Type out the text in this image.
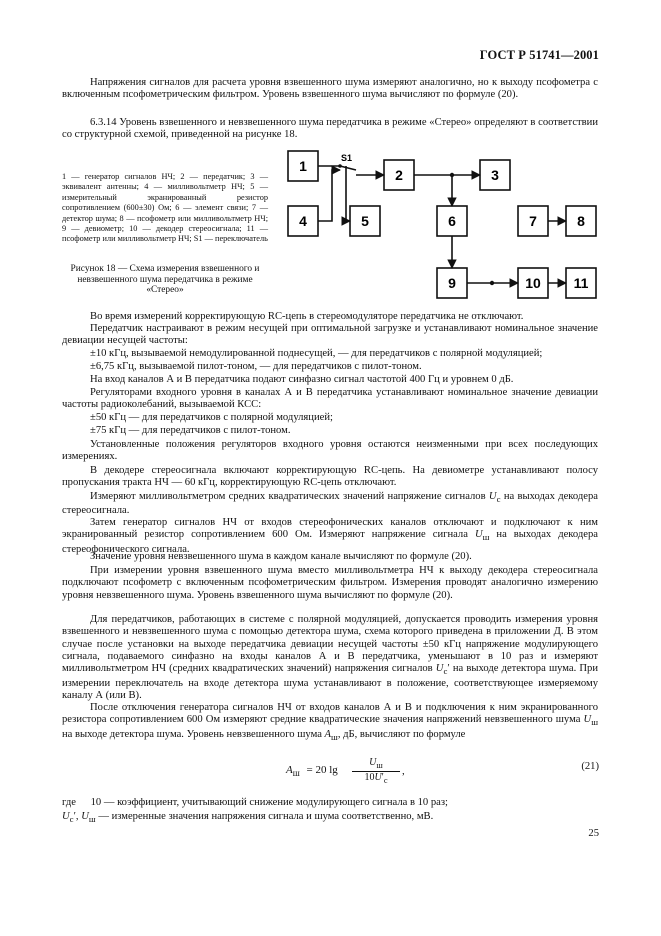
ГОСТ Р 51741—2001

Напряжения сигналов для расчета уровня взвешенного шума измеряют аналогично, но к выходу псофометра с включенным псофометрическим фильтром. Уровень взвешенного шума вычисляют по формуле (20).

6.3.14 Уровень взвешенного и невзвешенного шума передатчика в режиме «Стерео» определяют в соответствии со структурной схемой, приведенной на рисунке 18.

1 — генератор сигналов НЧ; 2 — передатчик; 3 — эквивалент антенны; 4 — милливольтметр НЧ; 5 — измерительный экранированный резистор сопротивлением (600±30) Ом; 6 — элемент связи; 7 — детектор шума; 8 — псофометр или милливольтметр НЧ; 9 — девиометр; 10 — декодер стереосигнала; 11 — псофометр или милливольтметр НЧ; S1 — переключатель
Рисунок 18 — Схема измерения взвешенного и невзвешенного шума передатчика в режиме «Стерео»
1
2	3
4	5	6	7	8
9	10 11
S1

Во время измерений корректирующую RC-цепь в стереомодуляторе передатчика не отключают.

Передатчик настраивают в режим несущей при оптимальной загрузке и устанавливают номинальное значение девиации несущей частоты:

±10 кГц, вызываемой немодулированной поднесущей, — для передатчиков с полярной модуляцией;

±6,75 кГц, вызываемой пилот-тоном, — для передатчиков с пилот-тоном.

На вход каналов А и В передатчика подают синфазно сигнал частотой 400 Гц и уровнем 0 дБ.

Регуляторами входного уровня в каналах А и В передатчика устанавливают номинальное значение девиации частоты радиоколебаний, вызываемой КСС:

±50 кГц — для передатчиков с полярной модуляцией;

±75 кГц — для передатчиков с пилот-тоном.

Установленные положения регуляторов входного уровня остаются неизменными при всех последующих измерениях.

В декодере стереосигнала включают корректирующую RC-цепь. На девиометре устанавливают полосу пропускания тракта НЧ — 60 кГц, корректирующую RC-цепь отключают.

Измеряют милливольтметром средних квадратических значений напряжение сигналов $U_с$ на выходах декодера стереосигнала.

Затем генератор сигналов НЧ от входов стереофонических каналов отключают и подключают к ним экранированный резистор сопротивлением 600 Ом. Измеряют напряжение сигнала $U_ш$ на выходах декодера стереофонического сигнала.

Значение уровня невзвешенного шума в каждом канале вычисляют по формуле (20).

При измерении уровня взвешенного шума вместо милливольтметра НЧ к выходу декодера стереосигнала подключают псофометр с включенным псофометрическим фильтром. Измерения проводят аналогично измерению уровня невзвешенного шума. Уровень взвешенного шума вычисляют по формуле (20).

Для передатчиков, работающих в системе с полярной модуляцией, допускается проводить измерения уровня взвешенного и невзвешенного шума с помощью детектора шума, схема которого приведена в приложении Д. В этом случае после установки на выходе передатчика девиации несущей частоты ±50 кГц напряжение модулирующего сигнала, подаваемого синфазно на входы каналов А и В передатчика, уменьшают в 10 раз и измеряют милливольтметром НЧ (средних квадратических значений) напряжения сигналов $U_с'$ на выходе детектора шума. При измерении переключатель на входе детектора шума устанавливают в положение, соответствующее измеряемому каналу А (или В).

После отключения генератора сигналов НЧ от входов каналов А и В и подключения к ним экранированного резистора сопротивлением 600 Ом измеряют средние квадратические значения напряжений невзвешенного шума $U_ш$ на выходе детектора шума. Уровень невзвешенного шума $A_ш$, дБ, вычисляют по формуле

$A_ш = 20$ lg
$U_ш$
$10U'_с$
,	(21)
где 10 — коэффициент, учитывающий снижение модулирующего сигнала в 10 раз;
$U_с'$, $U_ш$ — измеренные значения напряжения сигнала и шума соответственно, мВ.
25
